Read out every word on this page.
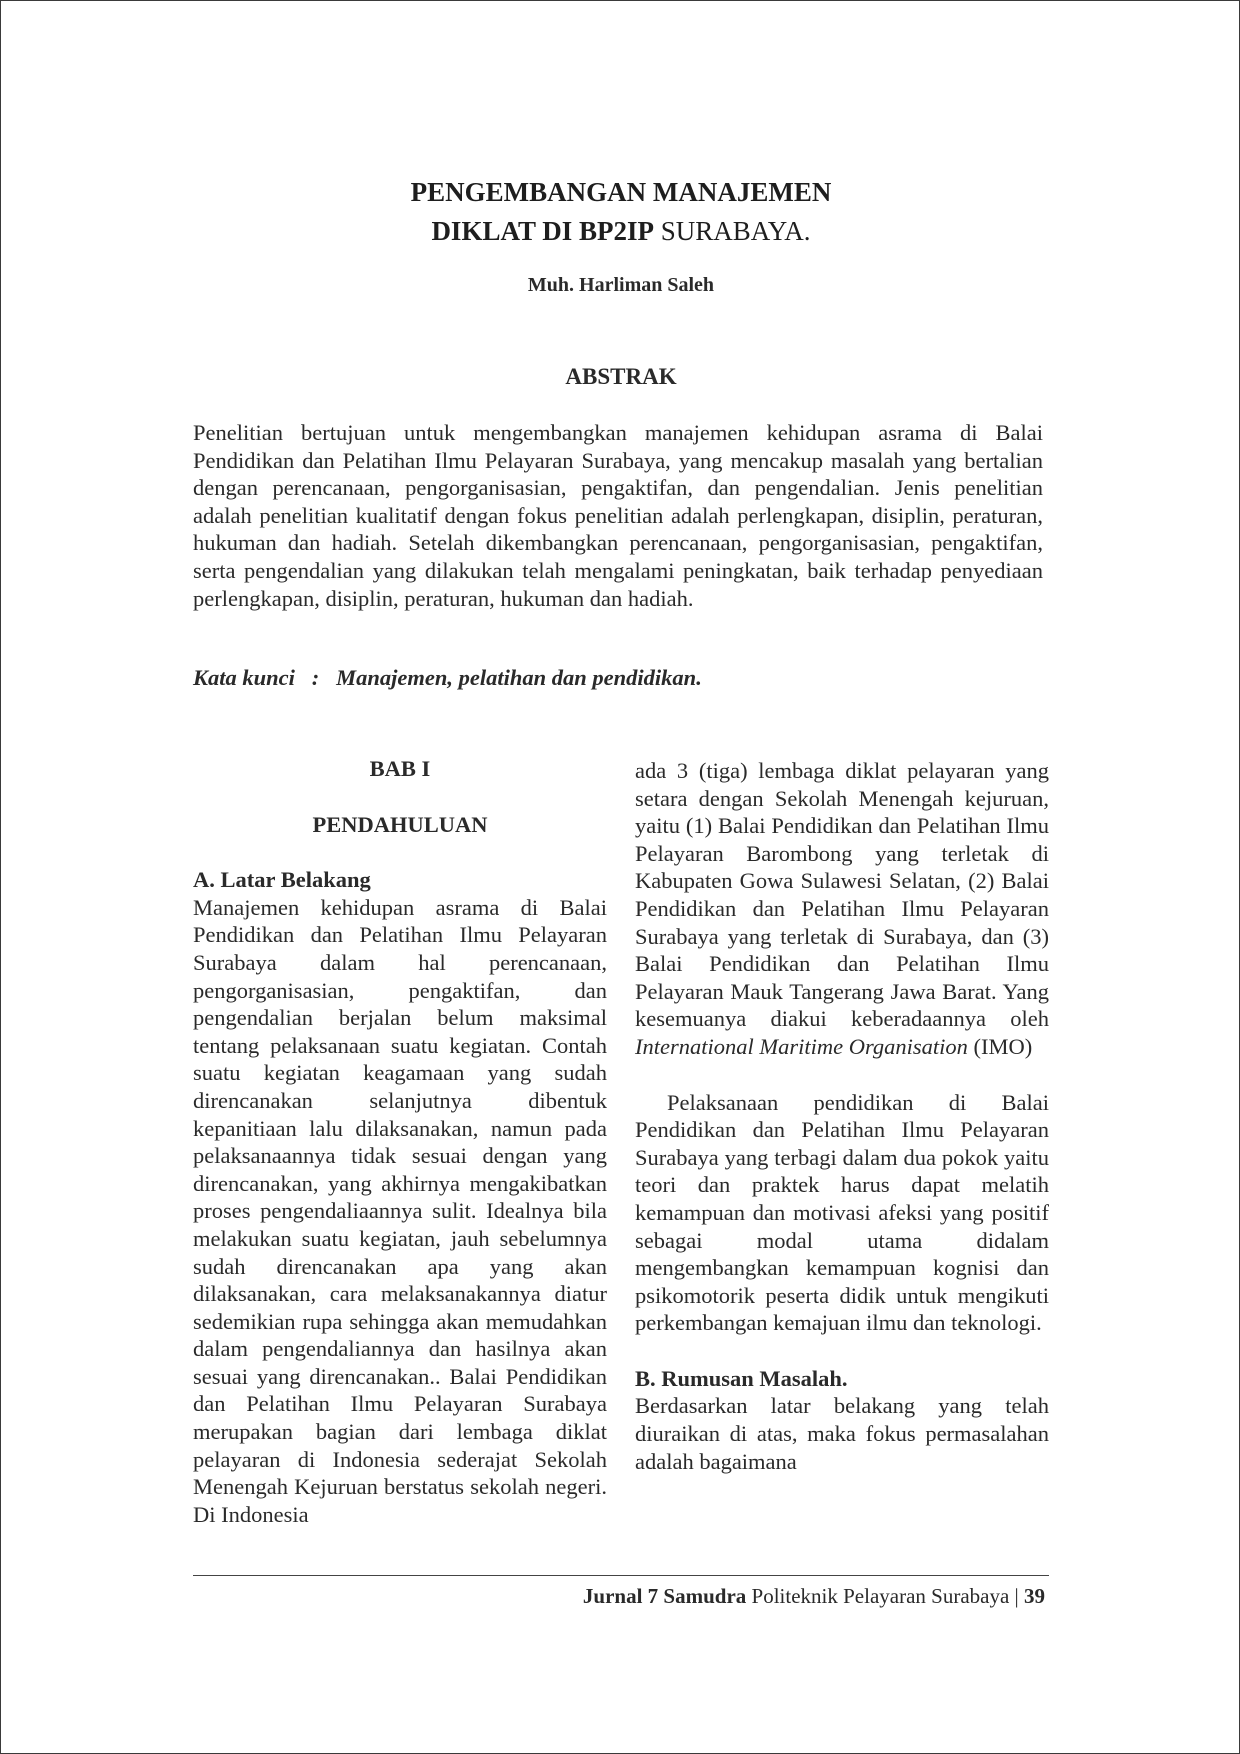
PENGEMBANGAN MANAJEMEN
DIKLAT DI BP2IP SURABAYA.
Muh. Harliman Saleh
ABSTRAK

Penelitian bertujuan untuk mengembangkan manajemen kehidupan asrama di Balai Pendidikan dan Pelatihan Ilmu Pelayaran Surabaya, yang mencakup masalah yang bertalian dengan perencanaan, pengorganisasian, pengaktifan, dan pengendalian. Jenis penelitian adalah penelitian kualitatif dengan fokus penelitian adalah perlengkapan, disiplin, peraturan, hukuman dan hadiah. Setelah dikembangkan perencanaan, pengorganisasian, pengaktifan, serta pengendalian yang dilakukan telah mengalami peningkatan, baik terhadap penyediaan perlengkapan, disiplin, peraturan, hukuman dan hadiah.

Kata kunci   :   Manajemen, pelatihan dan pendidikan.
BAB I
PENDAHULUAN
A. Latar Belakang

Manajemen kehidupan asrama di Balai Pendidikan dan Pelatihan Ilmu Pelayaran Surabaya dalam hal perencanaan, pengorganisasian, pengaktifan, dan pengendalian berjalan belum maksimal tentang pelaksanaan suatu kegiatan. Contah suatu kegiatan keagamaan yang sudah direncanakan selanjutnya dibentuk kepanitiaan lalu dilaksanakan, namun pada pelaksanaannya tidak sesuai dengan yang direncanakan, yang akhirnya mengakibatkan proses pengendaliaannya sulit. Idealnya bila melakukan suatu kegiatan, jauh sebelumnya sudah direncanakan apa yang akan dilaksanakan, cara melaksanakannya diatur sedemikian rupa sehingga akan memudahkan dalam pengendaliannya dan hasilnya akan sesuai yang direncanakan.. Balai Pendidikan dan Pelatihan Ilmu Pelayaran Surabaya merupakan bagian dari lembaga diklat pelayaran di Indonesia sederajat Sekolah Menengah Kejuruan berstatus sekolah negeri. Di Indonesia

ada 3 (tiga) lembaga diklat pelayaran yang setara dengan Sekolah Menengah kejuruan, yaitu (1) Balai Pendidikan dan Pelatihan Ilmu Pelayaran Barombong yang terletak di Kabupaten Gowa Sulawesi Selatan, (2) Balai Pendidikan dan Pelatihan Ilmu Pelayaran Surabaya yang terletak di Surabaya, dan (3) Balai Pendidikan dan Pelatihan Ilmu Pelayaran Mauk Tangerang Jawa Barat. Yang kesemuanya diakui keberadaannya oleh International Maritime Organisation (IMO)

Pelaksanaan pendidikan di Balai Pendidikan dan Pelatihan Ilmu Pelayaran Surabaya yang terbagi dalam dua pokok yaitu teori dan praktek harus dapat melatih kemampuan dan motivasi afeksi yang positif sebagai modal utama didalam mengembangkan kemampuan kognisi dan psikomotorik peserta didik untuk mengikuti perkembangan kemajuan ilmu dan teknologi.

B. Rumusan Masalah.

Berdasarkan latar belakang yang telah diuraikan di atas, maka fokus permasalahan adalah bagaimana

Jurnal 7 Samudra Politeknik Pelayaran Surabaya | 39
